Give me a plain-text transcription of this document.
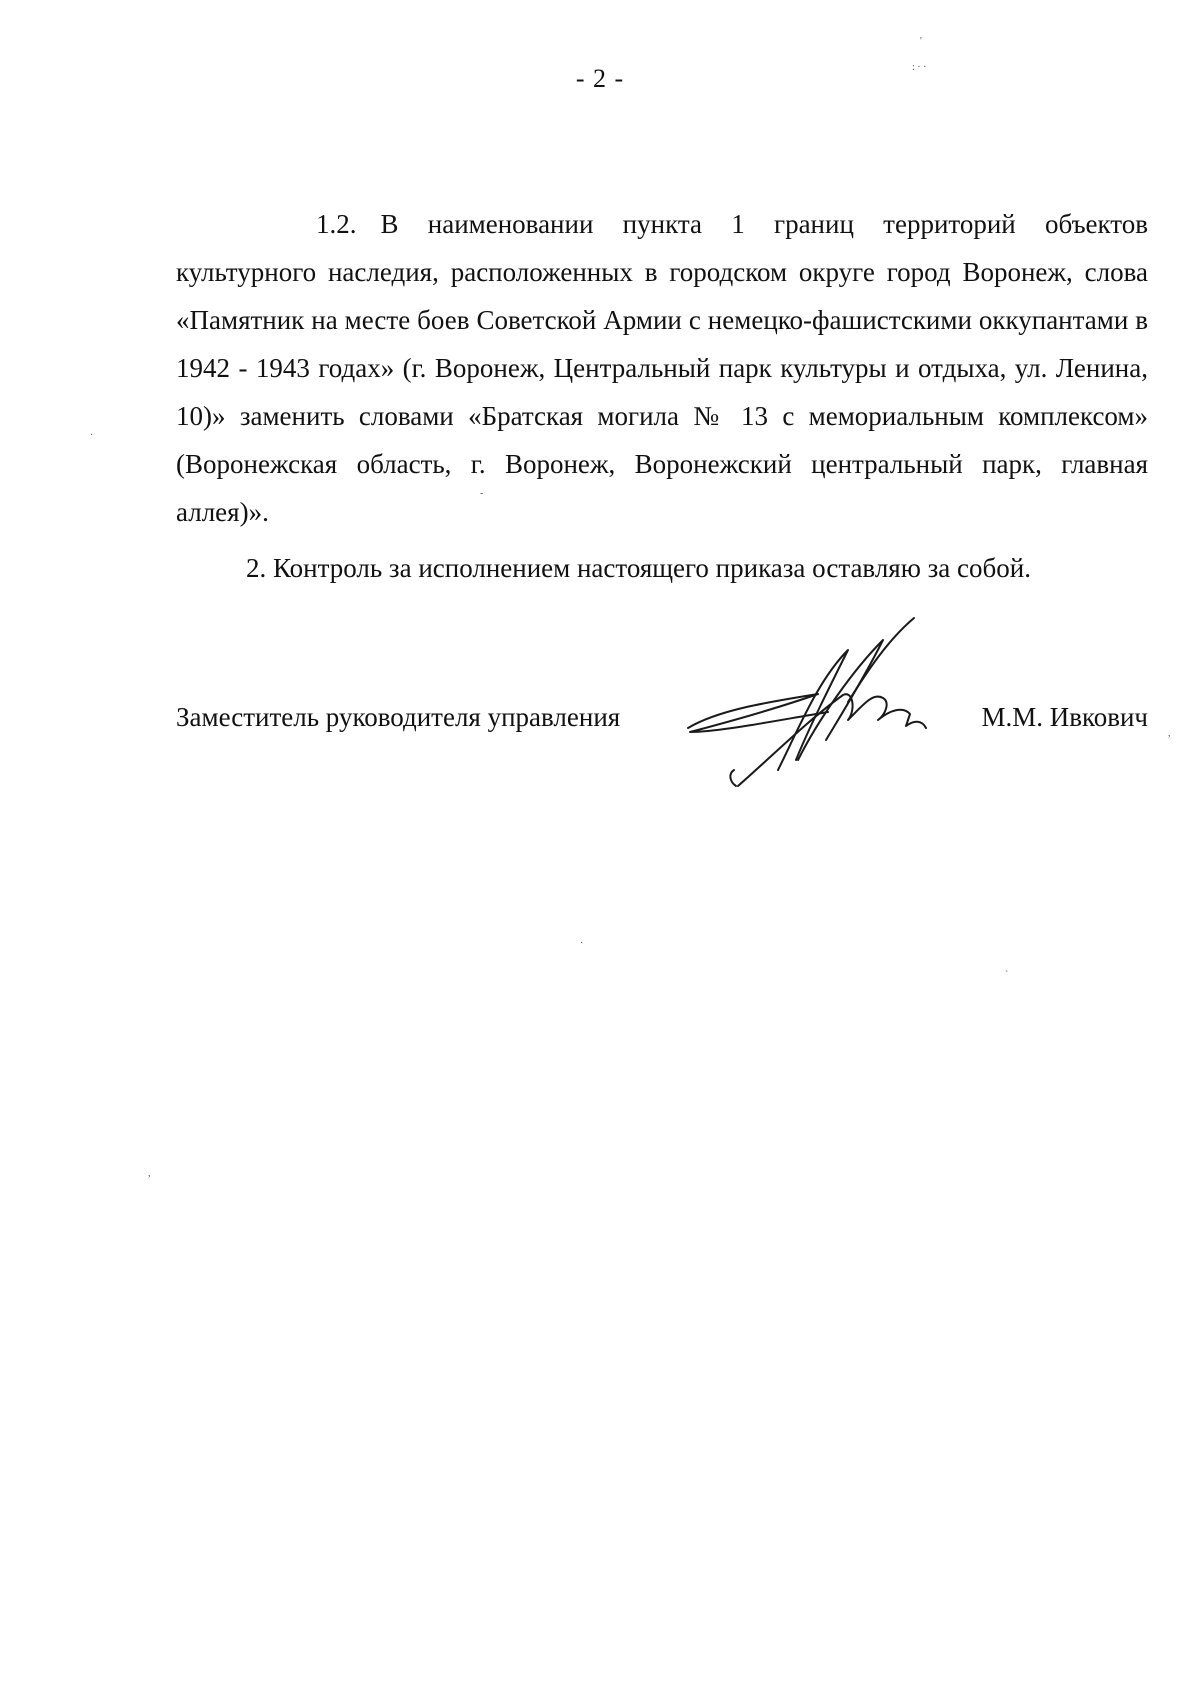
- 2 -

1.2. В наименовании пункта 1 границ территорий объектов культурного наследия, расположенных в городском округе город Воронеж, слова «Памятник на месте боев Советской Армии с немецко-фашистскими оккупантами в 1942 - 1943 годах» (г. Воронеж, Центральный парк культуры и отдыха, ул. Ленина, 10)» заменить словами «Братская могила № 13 с мемориальным комплексом» (Воронежская область, г. Воронеж, Воронежский центральный парк, главная аллея)».

2. Контроль за исполнением настоящего приказа оставляю за собой.

Заместитель руководителя управления	М.М. Ивкович
'
: · ·
·
-
,
·
`
,
